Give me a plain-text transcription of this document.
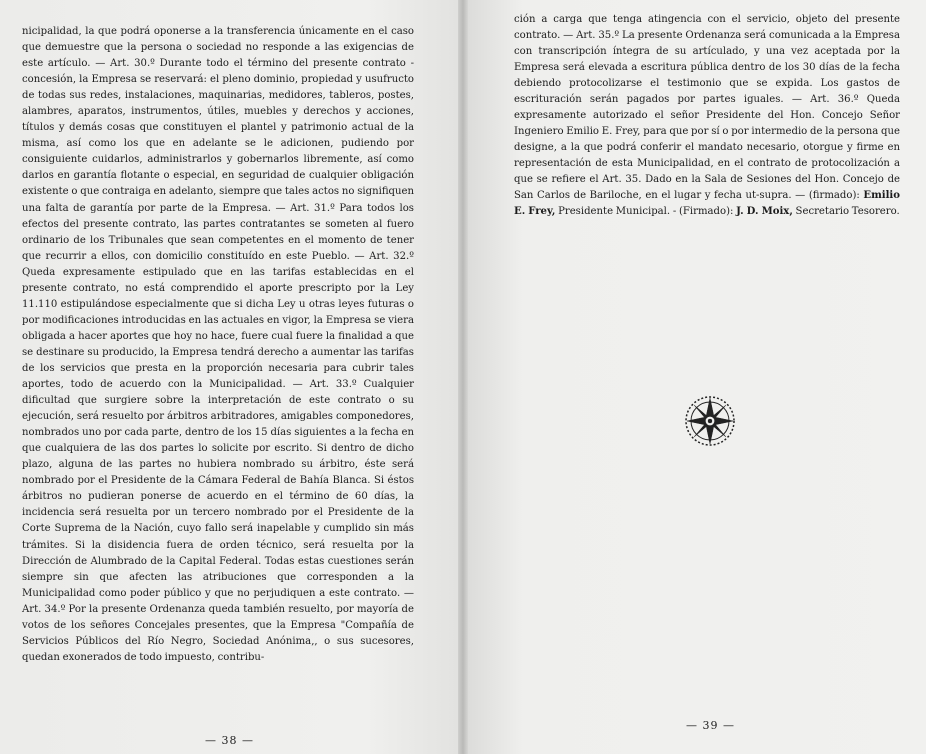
nicipalidad, la que podrá oponerse a la transferencia únicamente en el caso que demuestre que la persona o sociedad no responde a las exigencias de este artículo. — Art. 30.º Durante todo el término del presente contrato - concesión, la Empresa se reservará: el pleno dominio, propiedad y usufructo de todas sus redes, instalaciones, maquinarias, medidores, tableros, postes, alambres, aparatos, instrumentos, útiles, muebles y derechos y acciones, títulos y demás cosas que constituyen el plantel y patrimonio actual de la misma, así como los que en adelante se le adicionen, pudiendo por consiguiente cuidarlos, administrarlos y gobernarlos libremente, así como darlos en garantía flotante o especial, en seguridad de cualquier obligación existente o que contraiga en adelanto, siempre que tales actos no signifiquen una falta de garantía por parte de la Empresa. — Art. 31.º Para todos los efectos del presente contrato, las partes contratantes se someten al fuero ordinario de los Tribunales que sean competentes en el momento de tener que recurrir a ellos, con domicilio constituído en este Pueblo. — Art. 32.º Queda expresamente estipulado que en las tarifas establecidas en el presente contrato, no está comprendido el aporte prescripto por la Ley 11.110 estipulándose especialmente que si dicha Ley u otras leyes futuras o por modificaciones introducidas en las actuales en vigor, la Empresa se viera obligada a hacer aportes que hoy no hace, fuere cual fuere la finalidad a que se destinare su producido, la Empresa tendrá derecho a aumentar las tarifas de los servicios que presta en la proporción necesaria para cubrir tales aportes, todo de acuerdo con la Municipalidad. — Art. 33.º Cualquier dificultad que surgiere sobre la interpretación de este contrato o su ejecución, será resuelto por árbitros arbitradores, amigables componedores, nombrados uno por cada parte, dentro de los 15 días siguientes a la fecha en que cualquiera de las dos partes lo solicite por escrito. Si dentro de dicho plazo, alguna de las partes no hubiera nombrado su árbitro, éste será nombrado por el Presidente de la Cámara Federal de Bahía Blanca. Si éstos árbitros no pudieran ponerse de acuerdo en el término de 60 días, la incidencia será resuelta por un tercero nombrado por el Presidente de la Corte Suprema de la Nación, cuyo fallo será inapelable y cumplido sin más trámites. Si la disidencia fuera de orden técnico, será resuelta por la Dirección de Alumbrado de la Capital Federal. Todas estas cuestiones serán siempre sin que afecten las atribuciones que corresponden a la Municipalidad como poder público y que no perjudiquen a este contrato. — Art. 34.º Por la presente Ordenanza queda también resuelto, por mayoría de votos de los señores Concejales presentes, que la Empresa "Compañía de Servicios Públicos del Río Negro, Sociedad Anónima,, o sus sucesores, quedan exonerados de todo impuesto, contribu-

— 38 —

ción a carga que tenga atingencia con el servicio, objeto del presente contrato. — Art. 35.º La presente Ordenanza será comunicada a la Empresa con transcripción íntegra de su artículado, y una vez aceptada por la Empresa será elevada a escritura pública dentro de los 30 días de la fecha debiendo protocolizarse el testimonio que se expida. Los gastos de escrituración serán pagados por partes iguales. — Art. 36.º Queda expresamente autorizado el señor Presidente del Hon. Concejo Señor Ingeniero Emilio E. Frey, para que por sí o por intermedio de la persona que designe, a la que podrá conferir el mandato necesario, otorgue y firme en representación de esta Municipalidad, en el contrato de protocolización a que se refiere el Art. 35. Dado en la Sala de Sesiones del Hon. Concejo de San Carlos de Bariloche, en el lugar y fecha ut-supra. — (firmado): Emilio E. Frey, Presidente Municipal. - (Firmado): J. D. Moix, Secretario Tesorero.

— 39 —
